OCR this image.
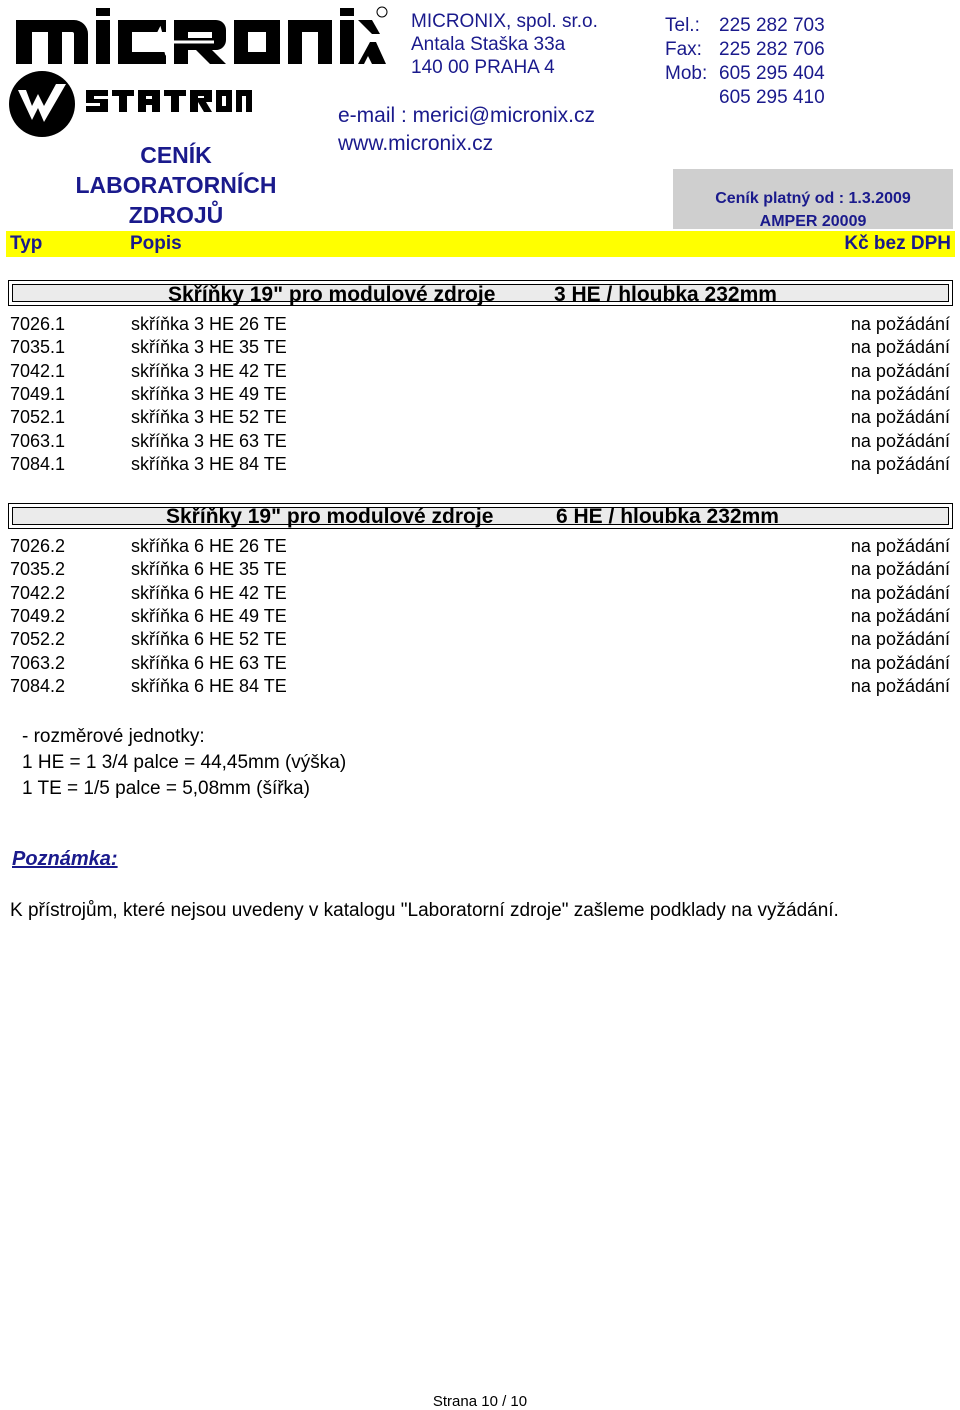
MICRONIX, spol. sr.o.
Antala Staška 33a
140 00 PRAHA 4
Tel.:	225 282 703
Fax: 225 282 706
Mob: 605 295 404
605 295 410
e-mail : merici@micronix.cz
www.micronix.cz
CENÍK
LABORATORNÍCH ZDROJŮ
Ceník platný od : 1.3.2009
AMPER 20009
Typ	Popis	Kč bez DPH
Skříňky 19" pro modulové zdroje	3 HE / hloubka 232mm
7026.1	skříňka 3 HE 26 TE	na požádání
7035.1	skříňka 3 HE 35 TE	na požádání
7042.1	skříňka 3 HE 42 TE	na požádání
7049.1	skříňka 3 HE 49 TE	na požádání
7052.1	skříňka 3 HE 52 TE	na požádání
7063.1	skříňka 3 HE 63 TE	na požádání
7084.1	skříňka 3 HE 84 TE	na požádání
Skříňky 19" pro modulové zdroje	6 HE / hloubka 232mm
7026.2	skříňka 6 HE 26 TE	na požádání
7035.2	skříňka 6 HE 35 TE	na požádání
7042.2	skříňka 6 HE 42 TE	na požádání
7049.2	skříňka 6 HE 49 TE	na požádání
7052.2	skříňka 6 HE 52 TE	na požádání
7063.2	skříňka 6 HE 63 TE	na požádání
7084.2	skříňka 6 HE 84 TE	na požádání
- rozměrové jednotky:
1 HE = 1 3/4 palce = 44,45mm (výška)
1 TE = 1/5 palce = 5,08mm (šířka)
Poznámka:
K přístrojům, které nejsou uvedeny v katalogu "Laboratorní zdroje" zašleme podklady na vyžádání.
Strana 10 / 10
